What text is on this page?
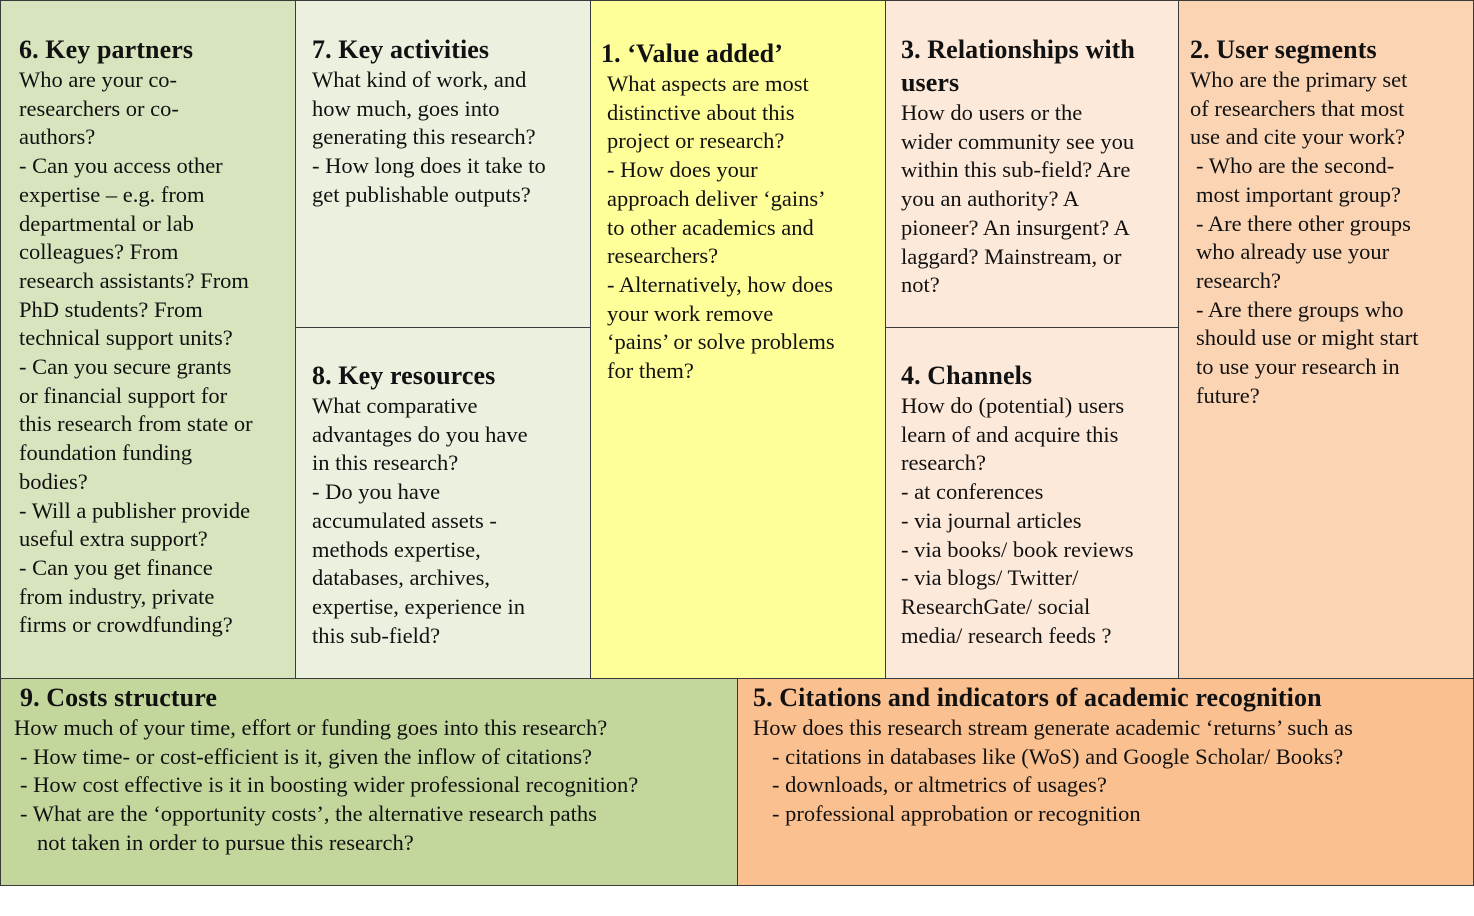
6. Key partners
Who are your co-
researchers or co-
authors?
- Can you access other
expertise – e.g. from
departmental or lab
colleagues? From
research assistants? From
PhD students? From
technical support units?
- Can you secure grants
or financial support for
this research from state or
foundation funding
bodies?
- Will a publisher provide
useful extra support?
- Can you get finance
from industry, private
firms or crowdfunding?
7. Key activities
What kind of work, and
how much, goes into
generating this research?
- How long does it take to
get publishable outputs?
8. Key resources
What comparative
advantages do you have
in this research?
- Do you have
accumulated assets -
methods expertise,
databases, archives,
expertise, experience in
this sub-field?
1. ‘Value added’
What aspects are most
distinctive about this
project or research?
- How does your
approach deliver ‘gains’
to other academics and
researchers?
- Alternatively, how does
your work remove
‘pains’ or solve problems
for them?
3. Relationships with
users
How do users or the
wider community see you
within this sub-field? Are
you an authority? A
pioneer? An insurgent? A
laggard? Mainstream, or
not?
4. Channels
How do (potential) users
learn of and acquire this
research?
- at conferences
- via journal articles
- via books/ book reviews
- via blogs/ Twitter/
ResearchGate/ social
media/ research feeds ?
2. User segments
Who are the primary set
of researchers that most
use and cite your work?
- Who are the second-
most important group?
- Are there other groups
who already use your
research?
- Are there groups who
should use or might start
to use your research in
future?
9. Costs structure
How much of your time, effort or funding goes into this research?
- How time- or cost-efficient is it, given the inflow of citations?
- How cost effective is it in boosting wider professional recognition?
- What are the ‘opportunity costs’, the alternative research paths
not taken in order to pursue this research?
5. Citations and indicators of academic recognition
How does this research stream generate academic ‘returns’ such as
- citations in databases like (WoS) and Google Scholar/ Books?
- downloads, or altmetrics of usages?
- professional approbation or recognition
